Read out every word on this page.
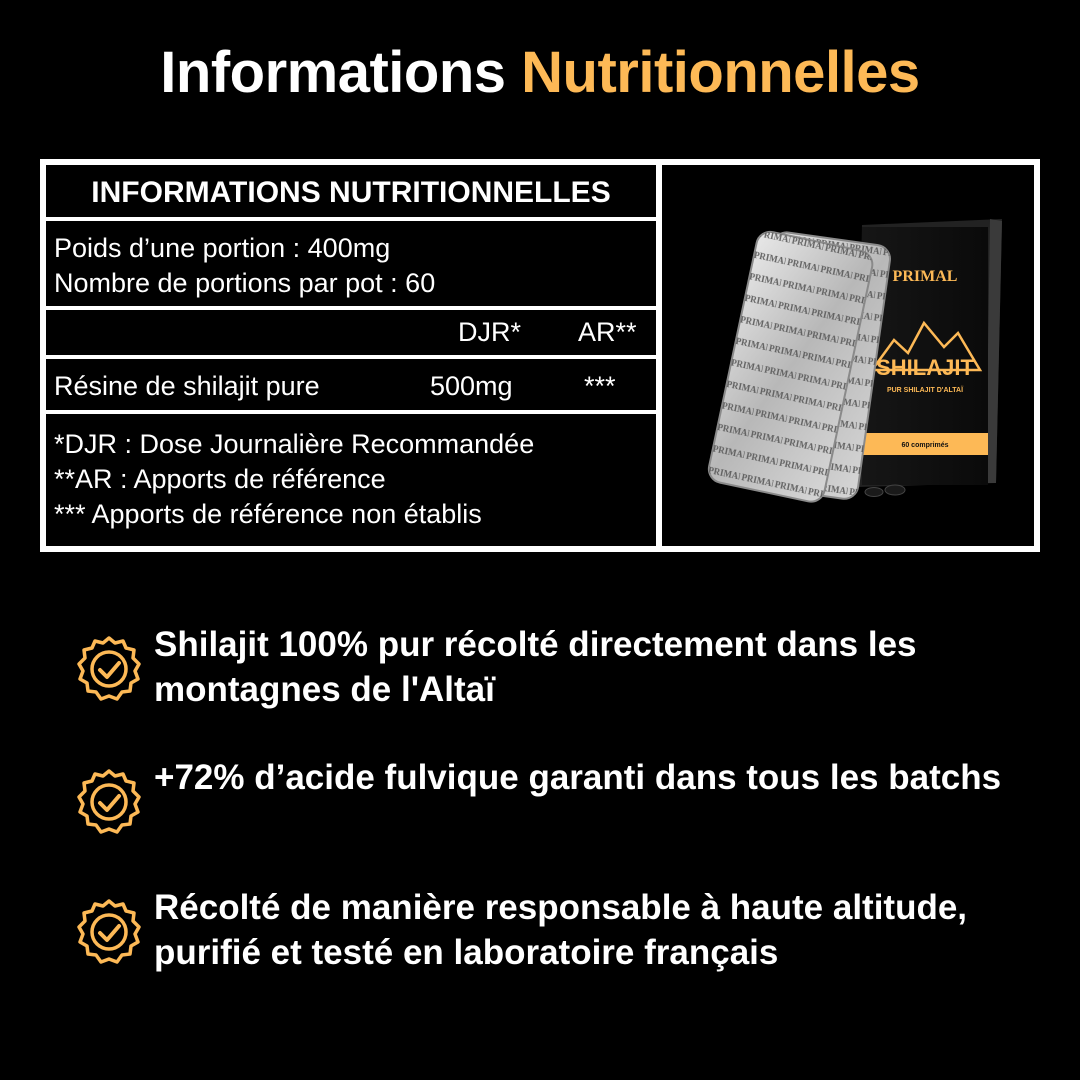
Informations Nutritionnelles
INFORMATIONS NUTRITIONNELLES
Poids d’une portion : 400mg
Nombre de portions par pot : 60
DJR* AR**
Résine de shilajit pure	500mg	***
*DJR : Dose Journalière Recommandée
**AR : Apports de référence
*** Apports de référence non établis
PRIMAL
SHILAJIT
PUR SHILAJIT D'ALTAÏ
60 comprimés
Shilajit 100% pur récolté directement dans les montagnes de l'Altaï
+72% d’acide fulvique garanti dans tous les batchs
Récolté de manière responsable à haute altitude, purifié et testé en laboratoire français
